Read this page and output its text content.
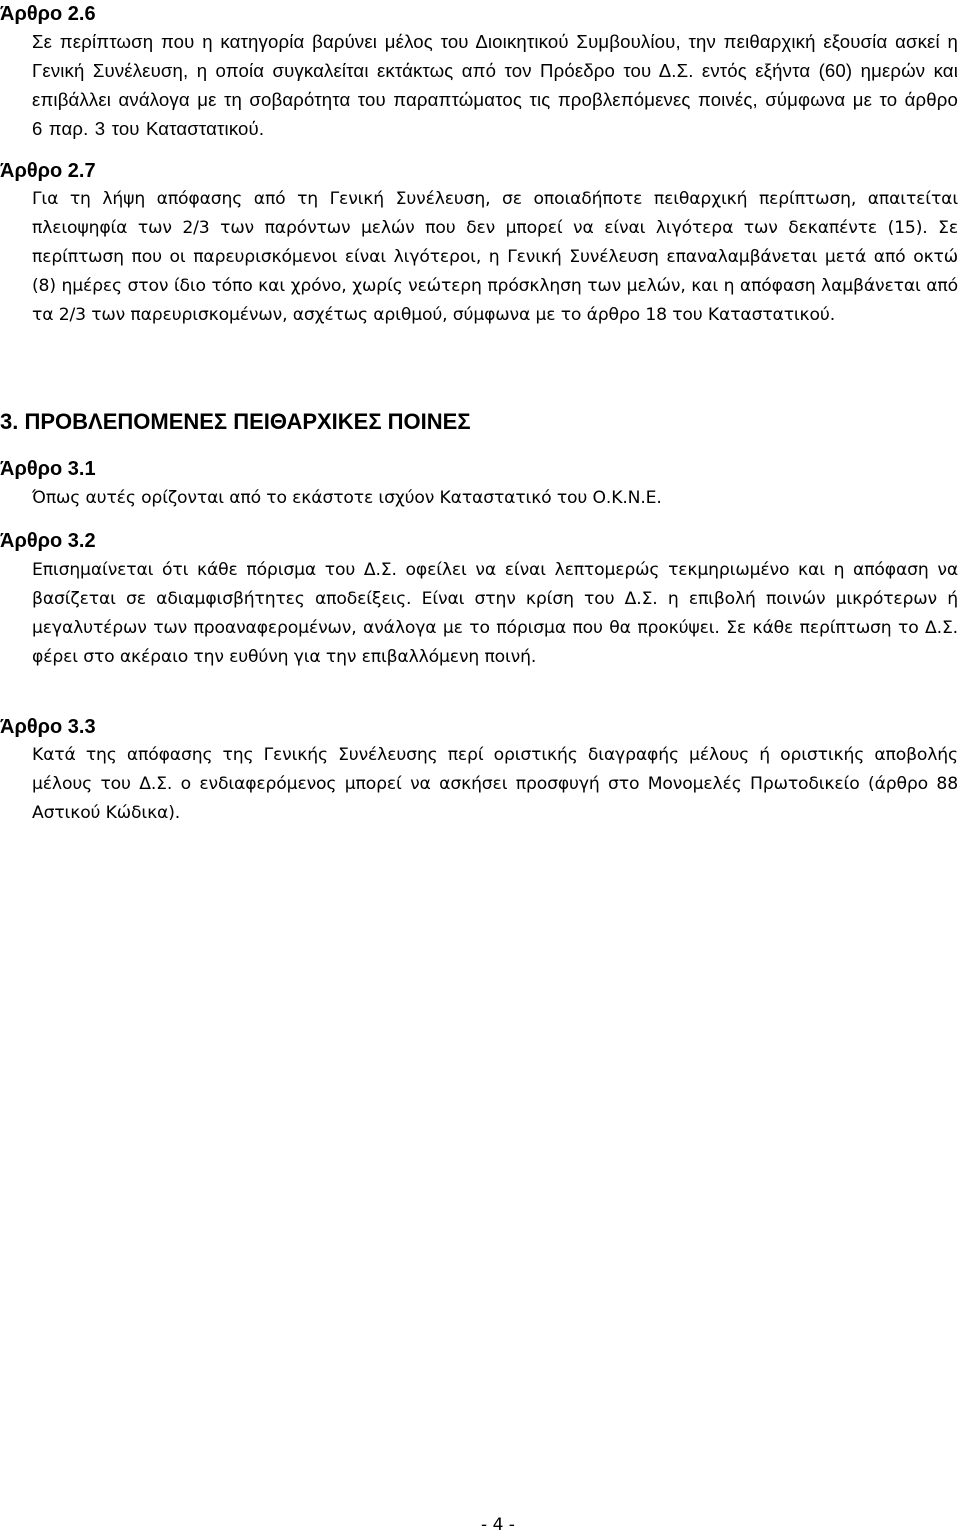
Άρθρο 2.6
Σε περίπτωση που η κατηγορία βαρύνει μέλος του Διοικητικού Συμβουλίου, την πειθαρχική εξουσία ασκεί η Γενική Συνέλευση, η οποία συγκαλείται εκτάκτως από τον Πρόεδρο του Δ.Σ. εντός εξήντα (60) ημερών και επιβάλλει ανάλογα με τη σοβαρότητα του παραπτώματος τις προβλεπόμενες ποινές, σύμφωνα με το άρθρο 6 παρ. 3 του Καταστατικού.
Άρθρο 2.7
Για τη λήψη απόφασης από τη Γενική Συνέλευση, σε οποιαδήποτε πειθαρχική περίπτωση, απαιτείται πλειοψηφία των 2/3 των παρόντων μελών που δεν μπορεί να είναι λιγότερα των δεκαπέντε (15). Σε περίπτωση που οι παρευρισκόμενοι είναι λιγότεροι, η Γενική Συνέλευση επαναλαμβάνεται μετά από οκτώ (8) ημέρες στον ίδιο τόπο και χρόνο, χωρίς νεώτερη πρόσκληση των μελών, και η απόφαση λαμβάνεται από τα 2/3 των παρευρισκομένων, ασχέτως αριθμού, σύμφωνα με το άρθρο 18 του Καταστατικού.
3. ΠΡΟΒΛΕΠΟΜΕΝΕΣ ΠΕΙΘΑΡΧΙΚΕΣ ΠΟΙΝΕΣ
Άρθρο 3.1
Όπως αυτές ορίζονται από το εκάστοτε ισχύον Καταστατικό του Ο.Κ.Ν.Ε.
Άρθρο 3.2
Επισημαίνεται ότι κάθε πόρισμα του Δ.Σ. οφείλει να είναι λεπτομερώς τεκμηριωμένο και η απόφαση να βασίζεται σε αδιαμφισβήτητες αποδείξεις. Είναι στην κρίση του Δ.Σ. η επιβολή ποινών μικρότερων ή μεγαλυτέρων των προαναφερομένων, ανάλογα με το πόρισμα που θα προκύψει. Σε κάθε περίπτωση το Δ.Σ. φέρει στο ακέραιο την ευθύνη για την επιβαλλόμενη ποινή.
Άρθρο 3.3
Κατά της απόφασης της Γενικής Συνέλευσης περί οριστικής διαγραφής μέλους ή οριστικής αποβολής μέλους του Δ.Σ. ο ενδιαφερόμενος μπορεί να ασκήσει προσφυγή στο Μονομελές Πρωτοδικείο (άρθρο 88 Αστικού Κώδικα).
- 4 -
